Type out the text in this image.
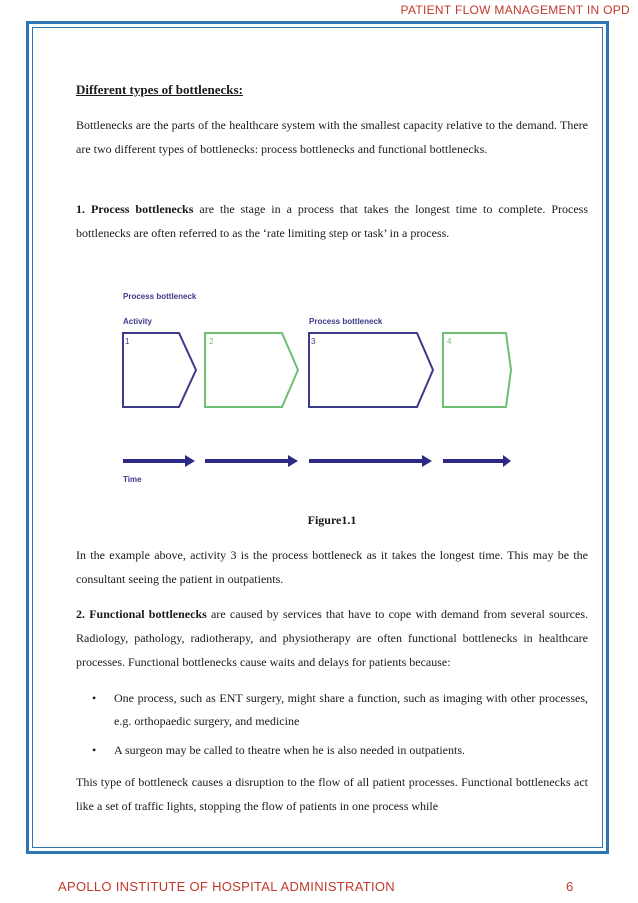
PATIENT FLOW MANAGEMENT IN OPD

Different types of bottlenecks:

Bottlenecks are the parts of the healthcare system with the smallest capacity relative to the demand. There are two different types of bottlenecks: process bottlenecks and functional bottlenecks.

1. Process bottlenecks are the stage in a process that takes the longest time to complete. Process bottlenecks are often referred to as the ‘rate limiting step or task’ in a process.

Process bottleneck
Activity	Process bottleneck
1	2	3	4
Time

Figure1.1

In the example above, activity 3 is the process bottleneck as it takes the longest time. This may be the consultant seeing the patient in outpatients.

2. Functional bottlenecks are caused by services that have to cope with demand from several sources. Radiology, pathology, radiotherapy, and physiotherapy are often functional bottlenecks in healthcare processes. Functional bottlenecks cause waits and delays for patients because:

• One process, such as ENT surgery, might share a function, such as imaging with other processes, e.g. orthopaedic surgery, and medicine
• A surgeon may be called to theatre when he is also needed in outpatients.

This type of bottleneck causes a disruption to the flow of all patient processes. Functional bottlenecks act like a set of traffic lights, stopping the flow of patients in one process while

APOLLO INSTITUTE OF HOSPITAL ADMINISTRATION	6
